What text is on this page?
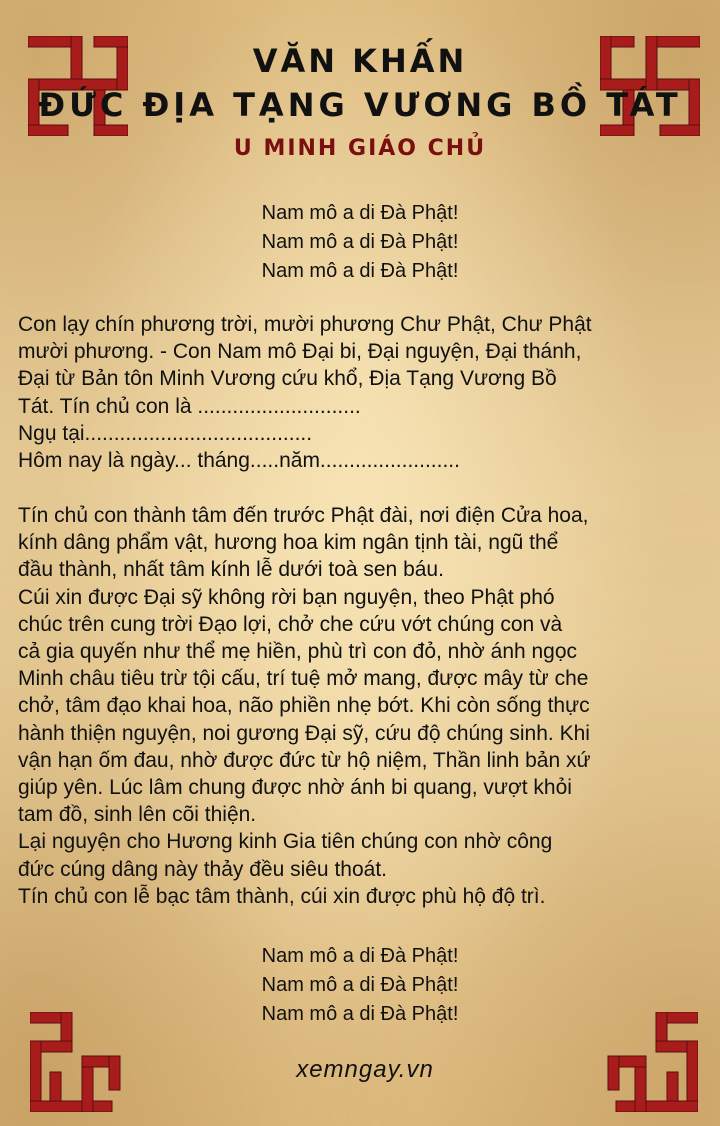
VĂN KHẤN
ĐỨC ĐỊA TẠNG VƯƠNG BỒ TÁT
U MINH GIÁO CHỦ
Nam mô a di Đà Phật!
Nam mô a di Đà Phật!
Nam mô a di Đà Phật!
Con lạy chín phương trời, mười phương Chư Phật, Chư Phật
mười phương. - Con Nam mô Đại bi, Đại nguyện, Đại thánh,
Đại từ Bản tôn Minh Vương cứu khổ, Địa Tạng Vương Bồ
Tát. Tín chủ con là ............................
Ngụ tại.......................................
Hôm nay là ngày... tháng.....năm........................
Tín chủ con thành tâm đến trước Phật đài, nơi điện Cửa hoa,
kính dâng phẩm vật, hương hoa kim ngân tịnh tài, ngũ thể
đầu thành, nhất tâm kính lễ dưới toà sen báu.
Cúi xin được Đại sỹ không rời bạn nguyện, theo Phật phó
chúc trên cung trời Đạo lợi, chở che cứu vớt chúng con và
cả gia quyến như thể mẹ hiền, phù trì con đỏ, nhờ ánh ngọc
Minh châu tiêu trừ tội cấu, trí tuệ mở mang, được mây từ che
chở, tâm đạo khai hoa, não phiền nhẹ bớt. Khi còn sống thực
hành thiện nguyện, noi gương Đại sỹ, cứu độ chúng sinh. Khi
vận hạn ốm đau, nhờ được đức từ hộ niệm, Thần linh bản xứ
giúp yên. Lúc lâm chung được nhờ ánh bi quang, vượt khỏi
tam đồ, sinh lên cõi thiện.
Lại nguyện cho Hương kinh Gia tiên chúng con nhờ công
đức cúng dâng này thảy đều siêu thoát.
Tín chủ con lễ bạc tâm thành, cúi xin được phù hộ độ trì.
Nam mô a di Đà Phật!
Nam mô a di Đà Phật!
Nam mô a di Đà Phật!
xemngay.vn
